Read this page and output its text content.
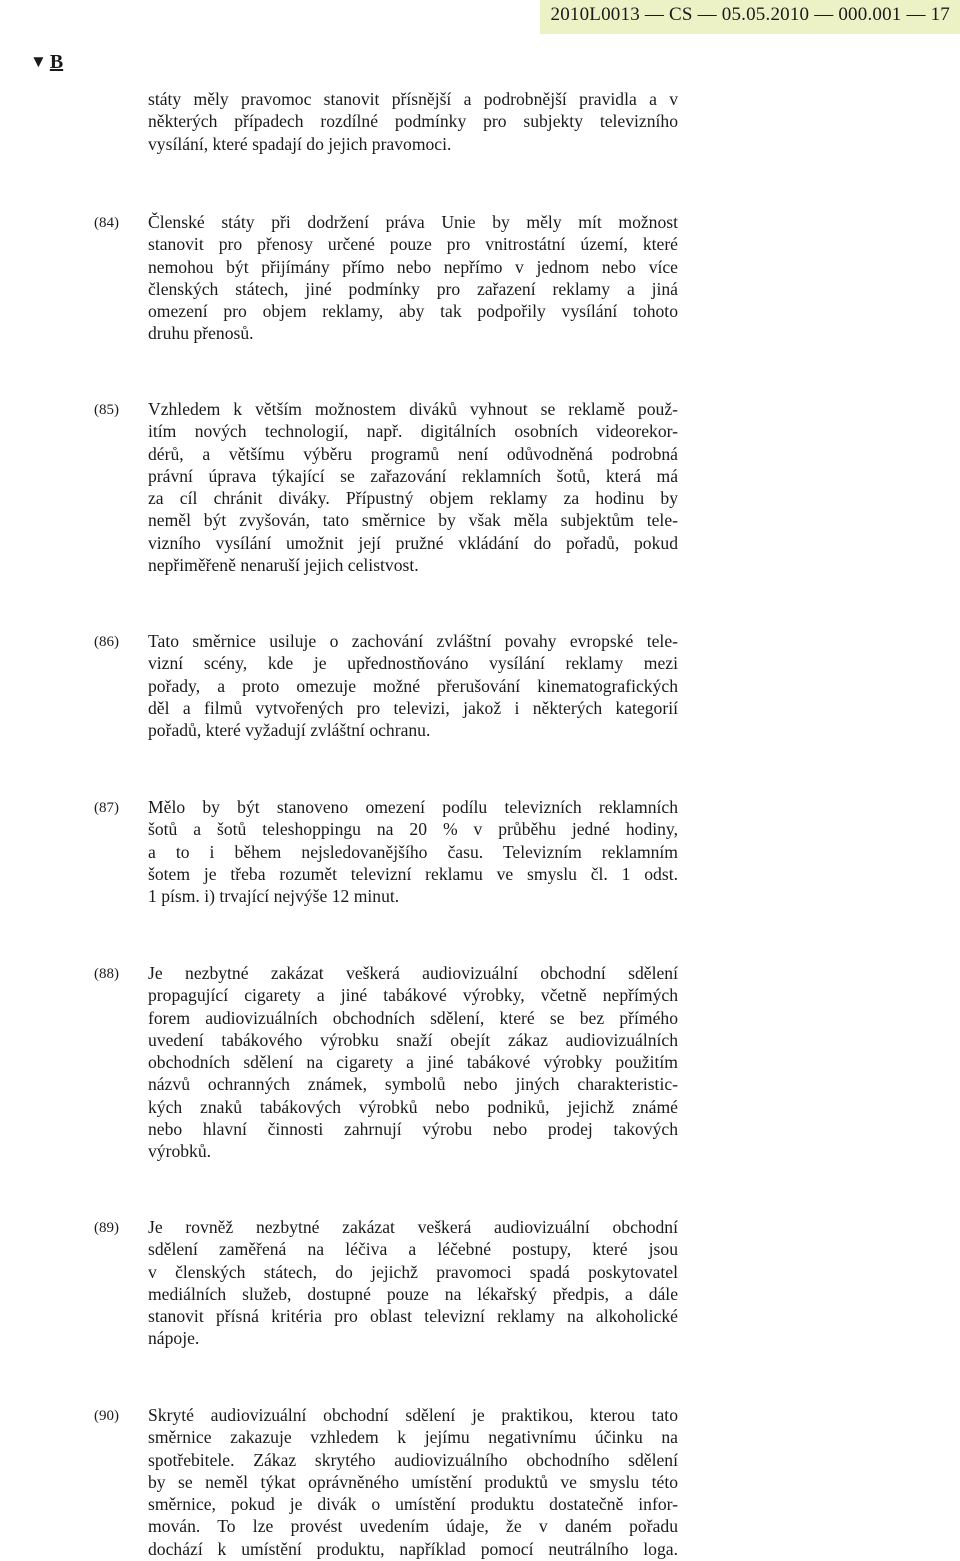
2010L0013 — CS — 05.05.2010 — 000.001 — 17
▼ B
státy měly pravomoc stanovit přísnější a podrobnější pravidla a v
některých případech rozdílné podmínky pro subjekty televizního
vysílání, které spadají do jejich pravomoci.
(84) Členské státy při dodržení práva Unie by měly mít možnost
stanovit pro přenosy určené pouze pro vnitrostátní území, které
nemohou být přijímány přímo nebo nepřímo v jednom nebo více
členských státech, jiné podmínky pro zařazení reklamy a jiná
omezení pro objem reklamy, aby tak podpořily vysílání tohoto
druhu přenosů.
(85) Vzhledem k větším možnostem diváků vyhnout se reklamě použ-
itím nových technologií, např. digitálních osobních videorekor-
dérů, a většímu výběru programů není odůvodněná podrobná
právní úprava týkající se zařazování reklamních šotů, která má
za cíl chránit diváky. Přípustný objem reklamy za hodinu by
neměl být zvyšován, tato směrnice by však měla subjektům tele-
vizního vysílání umožnit její pružné vkládání do pořadů, pokud
nepřiměřeně nenaruší jejich celistvost.
(86) Tato směrnice usiluje o zachování zvláštní povahy evropské tele-
vizní scény, kde je upřednostňováno vysílání reklamy mezi
pořady, a proto omezuje možné přerušování kinematografických
děl a filmů vytvořených pro televizi, jakož i některých kategorií
pořadů, které vyžadují zvláštní ochranu.
(87) Mělo by být stanoveno omezení podílu televizních reklamních
šotů a šotů teleshoppingu na 20 % v průběhu jedné hodiny,
a to i během nejsledovanějšího času. Televizním reklamním
šotem je třeba rozumět televizní reklamu ve smyslu čl. 1 odst.
1 písm. i) trvající nejvýše 12 minut.
(88) Je nezbytné zakázat veškerá audiovizuální obchodní sdělení
propagující cigarety a jiné tabákové výrobky, včetně nepřímých
forem audiovizuálních obchodních sdělení, které se bez přímého
uvedení tabákového výrobku snaží obejít zákaz audiovizuálních
obchodních sdělení na cigarety a jiné tabákové výrobky použitím
názvů ochranných známek, symbolů nebo jiných charakteristic-
kých znaků tabákových výrobků nebo podniků, jejichž známé
nebo hlavní činnosti zahrnují výrobu nebo prodej takových
výrobků.
(89) Je rovněž nezbytné zakázat veškerá audiovizuální obchodní
sdělení zaměřená na léčiva a léčebné postupy, které jsou
v členských státech, do jejichž pravomoci spadá poskytovatel
mediálních služeb, dostupné pouze na lékařský předpis, a dále
stanovit přísná kritéria pro oblast televizní reklamy na alkoholické
nápoje.
(90) Skryté audiovizuální obchodní sdělení je praktikou, kterou tato
směrnice zakazuje vzhledem k jejímu negativnímu účinku na
spotřebitele. Zákaz skrytého audiovizuálního obchodního sdělení
by se neměl týkat oprávněného umístění produktů ve smyslu této
směrnice, pokud je divák o umístění produktu dostatečně infor-
mován. To lze provést uvedením údaje, že v daném pořadu
dochází k umístění produktu, například pomocí neutrálního loga.
